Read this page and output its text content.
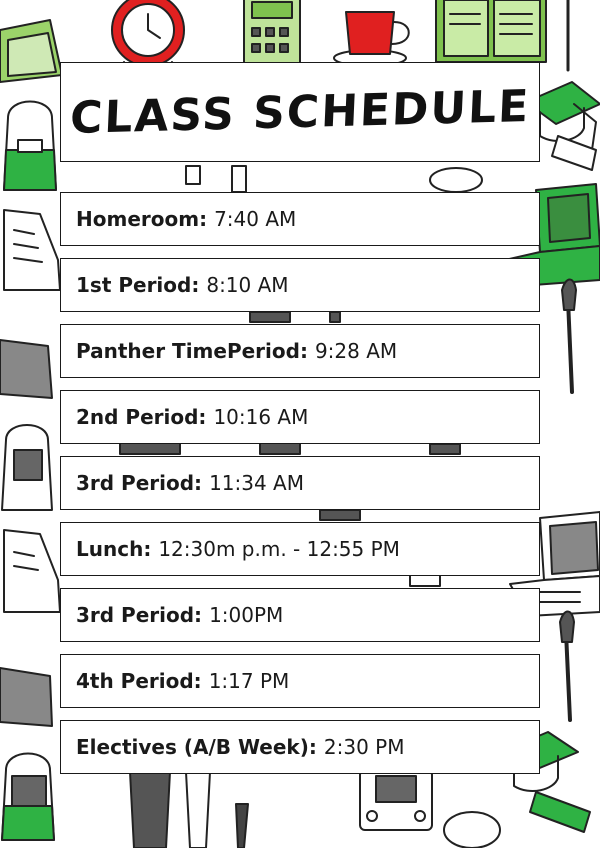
CLASS SCHEDULE
Homeroom: 7:40 AM
1st Period: 8:10 AM
Panther TimePeriod: 9:28 AM
2nd Period: 10:16 AM
3rd Period: 11:34 AM
Lunch: 12:30m p.m. - 12:55 PM
3rd Period: 1:00PM
4th Period: 1:17 PM
Electives (A/B Week): 2:30 PM
